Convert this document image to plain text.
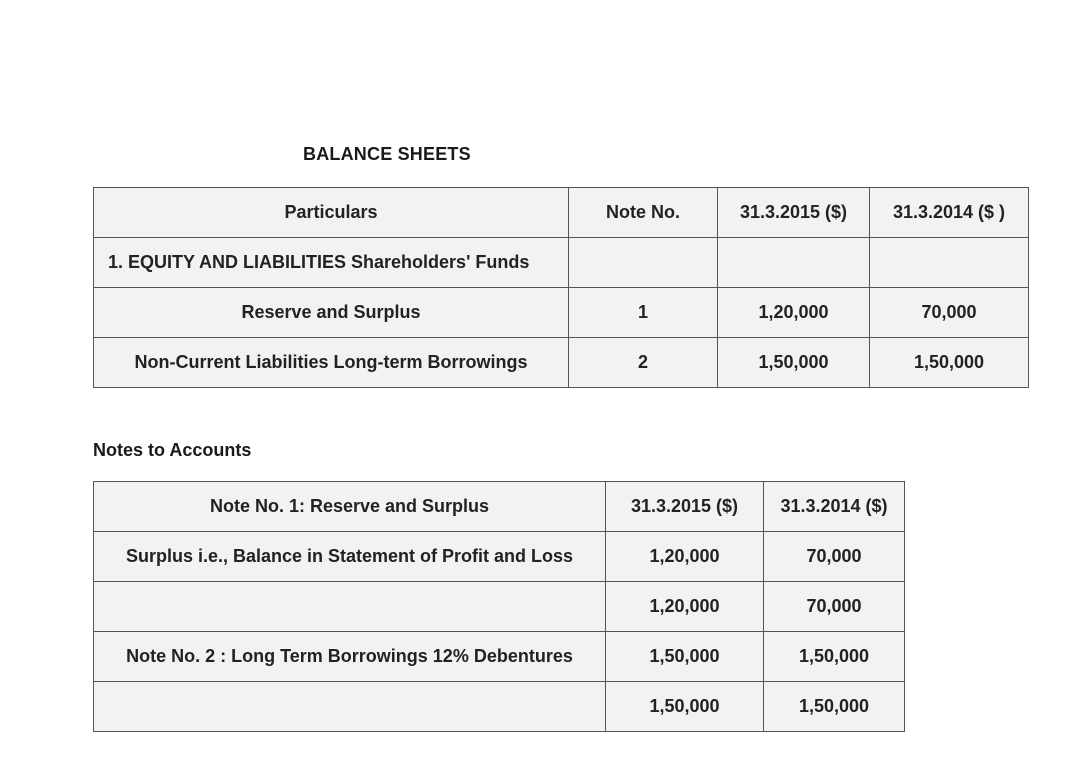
BALANCE SHEETS
Particulars	Note No.	31.3.2015 ($)	31.3.2014 ($ )
1. EQUITY AND LIABILITIES Shareholders' Funds			
Reserve and Surplus	1	1,20,000	70,000
Non-Current Liabilities Long-term Borrowings	2	1,50,000	1,50,000
Notes to Accounts
Note No. 1: Reserve and Surplus	31.3.2015 ($)	31.3.2014 ($)
Surplus i.e., Balance in Statement of Profit and Loss	1,20,000	70,000
	1,20,000	70,000
Note No. 2 : Long Term Borrowings 12% Debentures	1,50,000	1,50,000
	1,50,000	1,50,000
